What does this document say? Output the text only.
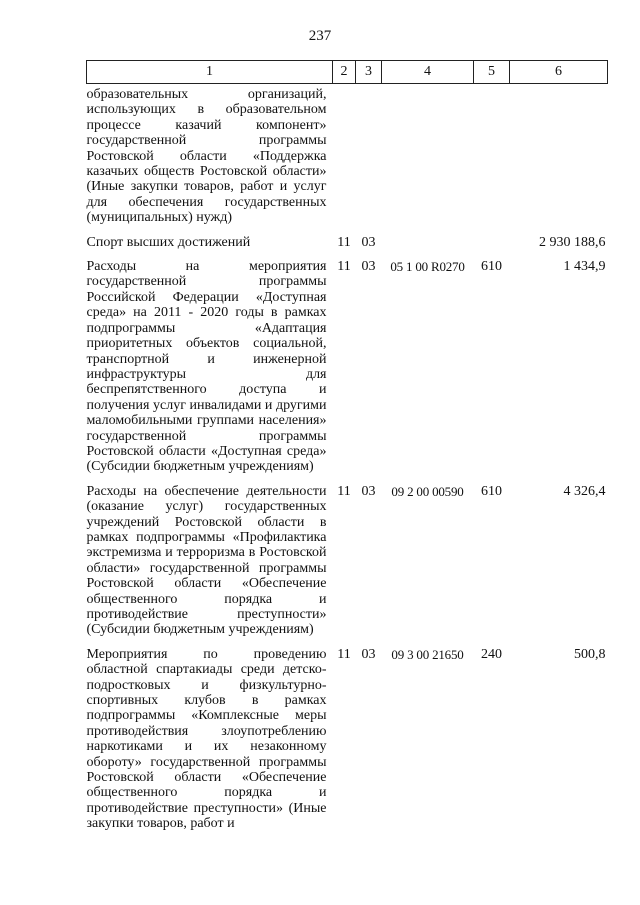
237
1	2	3	4	5	6
образовательных организаций, использующих в образовательном процессе казачий компонент» государственной программы Ростовской области «Поддержка казачьих обществ Ростовской области» (Иные закупки товаров, работ и услуг для обеспечения государственных (муниципальных) нужд)					
Спорт высших достижений	11	03			2 930 188,6
Расходы на мероприятия государственной программы Российской Федерации «Доступная среда» на 2011 - 2020 годы в рамках подпрограммы «Адаптация приоритетных объектов социальной, транспортной и инженерной инфраструктуры для беспрепятственного доступа и получения услуг инвалидами и другими маломобильными группами населения» государственной программы Ростовской области «Доступная среда» (Субсидии бюджетным учреждениям)	11	03	05 1 00 R0270	610	1 434,9
Расходы на обеспечение деятельности (оказание услуг) государственных учреждений Ростовской области в рамках подпрограммы «Профилактика экстремизма и терроризма в Ростовской области» государственной программы Ростовской области «Обеспечение общественного порядка и противодействие преступности» (Субсидии бюджетным учреждениям)	11	03	09 2 00 00590	610	4 326,4
Мероприятия по проведению областной спартакиады среди детско-подростковых и физкультурно-спортивных клубов в рамках подпрограммы «Комплексные меры противодействия злоупотреблению наркотиками и их незаконному обороту» государственной программы Ростовской области «Обеспечение общественного порядка и противодействие преступности» (Иные закупки товаров, работ и	11	03	09 3 00 21650	240	500,8
